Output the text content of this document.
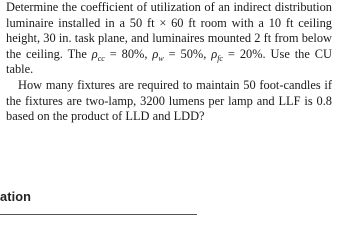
Determine the coefficient of utilization of an indirect distribution luminaire installed in a 50 ft × 60 ft room with a 10 ft ceiling height, 30 in. task plane, and luminaires mounted 2 ft from below the ceiling. The $\rho_{cc} = 80\%$, $\rho_w = 50\%$, $\rho_{fc} = 20\%$. Use the CU table.

How many fixtures are required to maintain 50 foot-candles if the fixtures are two-lamp, 3200 lumens per lamp and LLF is 0.8 based on the product of LLD and LDD?

ation
